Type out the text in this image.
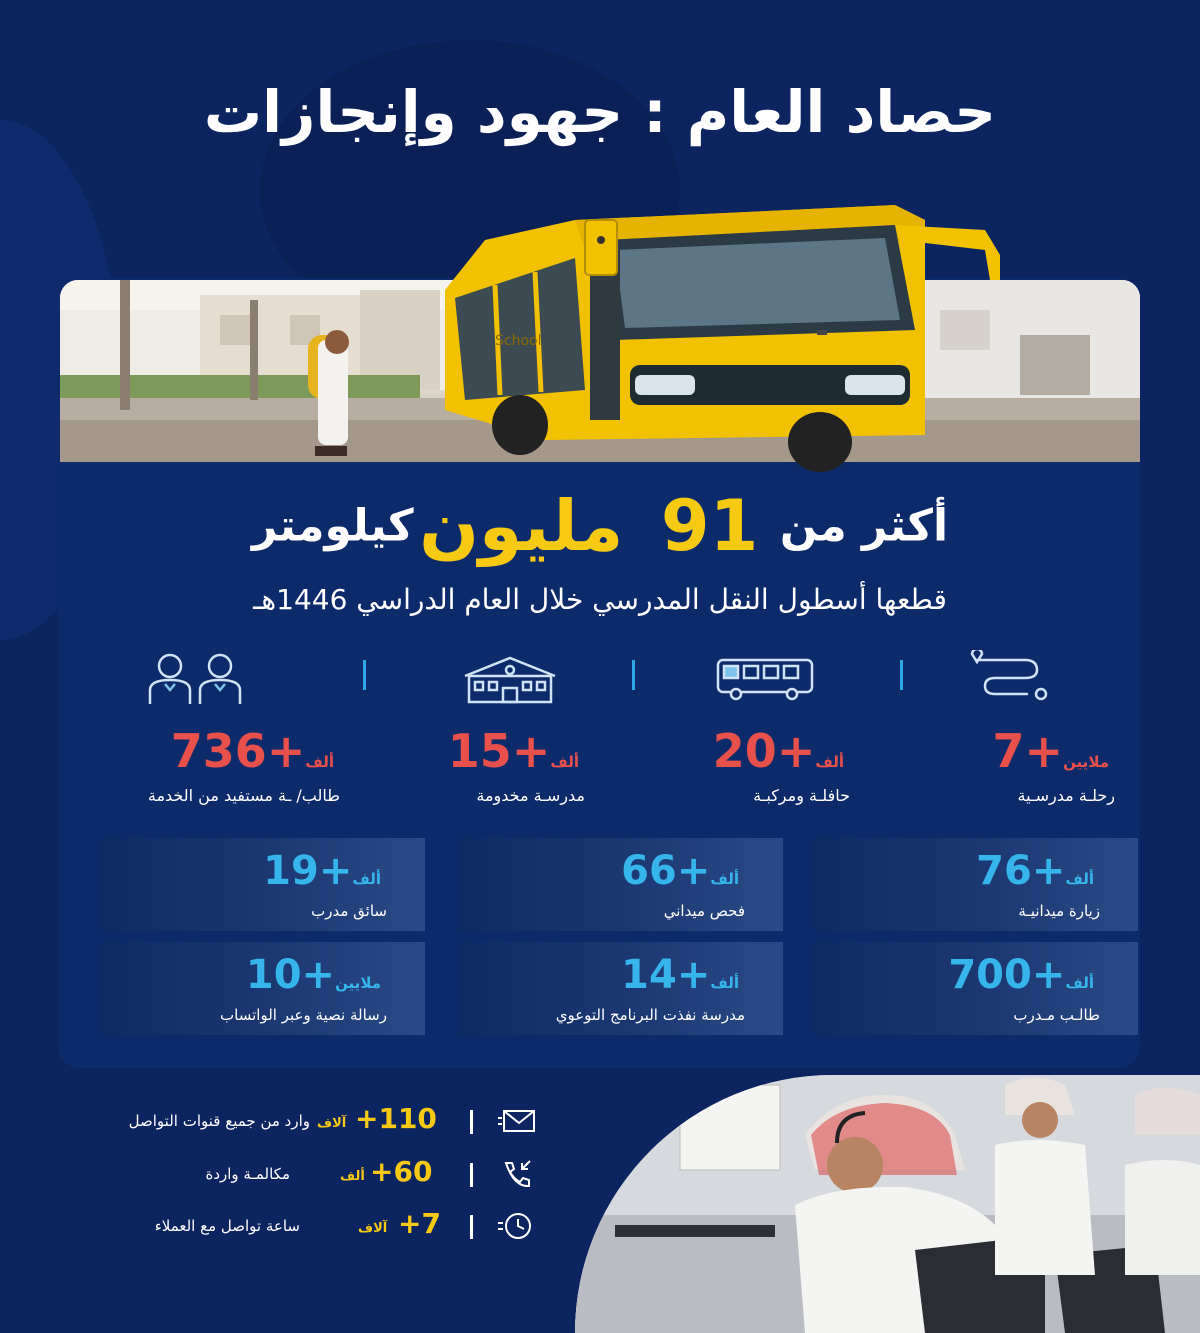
حصاد العام : جهود وإنجازات
School
أكثر من 91 مليون كيلومتر
قطعها أسطول النقل المدرسي خلال العام الدراسي 1446هـ
ملايين+7
رحلـة مدرسـية
ألف+20
حافلـة ومركبـة
ألف+15
مدرسـة مخدومة
ألف+736
طالب/ ـة مستفيد من الخدمة
ألف+76
زيارة ميدانيـة
ألف+66
فحص ميداني
ألف+19
سائق مدرب
ألف+700
طالـب مـدرب
ألف+14
مدرسة نفذت البرنامج التوعوي
ملايين+10
رسالة نصية وعبر الواتساب
+110
آلاف
وارد من جميع قنوات التواصل
+60
ألف
مكالمـة واردة
+7
آلاف
ساعة تواصل مع العملاء
